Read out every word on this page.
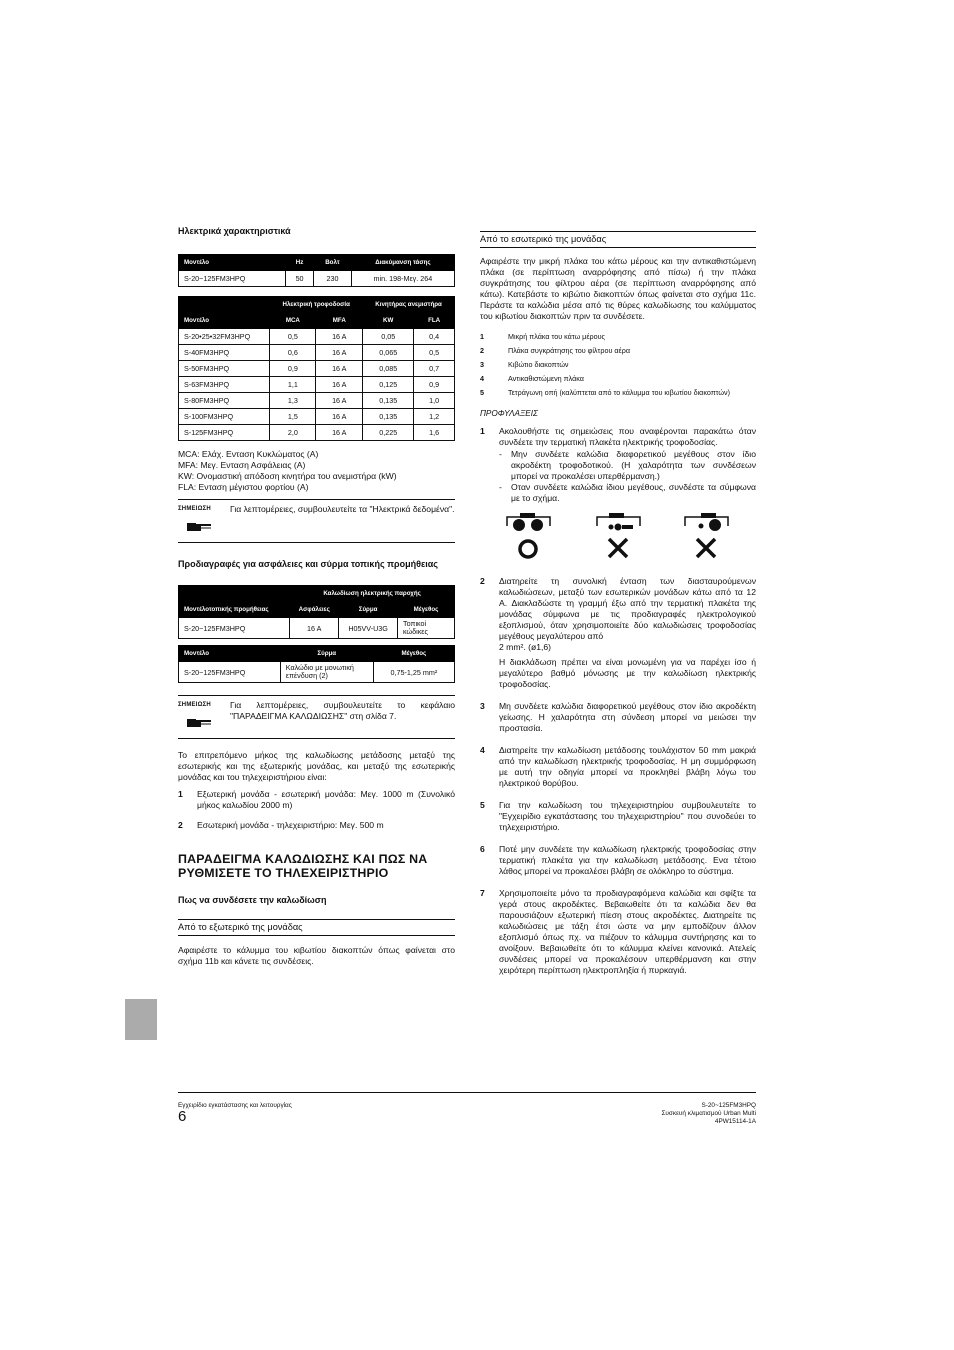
Ηλεκτρικά χαρακτηριστικά
Μοντέλο	Hz	Βολτ	Διακύμανση τάσης
S-20~125FM3HPQ	50	230	min. 198-Μεγ. 264
Μοντέλο	Ηλεκτρική τροφοδοσία		Κινητήρας ανεμιστήρα	
	MCA	MFA	KW	FLA
S-20•25•32FM3HPQ	0,5	16 A	0,05	0,4
S-40FM3HPQ	0,6	16 A	0,065	0,5
S-50FM3HPQ	0,9	16 A	0,085	0,7
S-63FM3HPQ	1,1	16 A	0,125	0,9
S-80FM3HPQ	1,3	16 A	0,135	1,0
S-100FM3HPQ	1,5	16 A	0,135	1,2
S-125FM3HPQ	2,0	16 A	0,225	1,6
MCA: Ελάχ. Ενταση Κυκλώματος (A)
MFA: Μεγ. Ενταση Ασφάλειας (A)
KW: Ονομαστική απόδοση κινητήρα του ανεμιστήρα (kW)
FLA: Ενταση μέγιστου φορτίου (A)
ΣΗΜΕΙΩΣΗ	Για λεπτομέρειες, συμβουλευτείτε τα "Ηλεκτρικά δεδομένα".
Προδιαγραφές για ασφάλειες και σύρμα τοπικής προμήθειας
	Καλωδίωση ηλεκτρικής παροχής		
Μοντέλοτοπικής προμήθειας	Ασφάλειες	Σύρμα	Μέγεθος
S-20~125FM3HPQ	16 A	H05VV-U3G	Τοπικοί κώδικες
Μοντέλο	Σύρμα	Μέγεθος
S-20~125FM3HPQ	Καλώδιο με μονωτική επένδυση (2)	0,75-1,25 mm²
ΣΗΜΕΙΩΣΗ	Για λεπτομέρειες, συμβουλευτείτε το κεφάλαιο "ΠΑΡΑΔΕΙΓΜΑ ΚΑΛΩΔΙΩΣΗΣ" στη σλίδα 7.
Το επιτρεπόμενο μήκος της καλωδίωσης μετάδοσης μεταξύ της εσωτερικής και της εξωτερικής μονάδας, και μεταξύ της εσωτερικής μονάδας και του τηλεχειριστήριου είναι:
1	Εξωτερική μονάδα - εσωτερική μονάδα: Μεγ. 1000 m (Συνολικό μήκος καλωδίου 2000 m)
2	Εσωτερική μονάδα - τηλεχειριστήριο: Μεγ. 500 m
ΠΑΡΑΔΕΙΓΜΑ ΚΑΛΩΔΙΩΣΗΣ ΚΑΙ ΠΩΣ ΝΑ ΡΥΘΜΙΣΕΤΕ ΤΟ ΤΗΛΕΧΕΙΡΙΣΤΗΡΙΟ
Πως να συνδέσετε την καλωδίωση
Από το εξωτερικό της μονάδας
Αφαιρέστε το κάλυμμα του κιβωτίου διακοπτών όπως φαίνεται στο σχήμα 11b και κάνετε τις συνδέσεις.
Από το εσωτερικό της μονάδας
Αφαιρέστε την μικρή πλάκα του κάτω μέρους και την αντικαθιστώμενη πλάκα (σε περίπτωση αναρρόφησης από πίσω) ή την πλάκα συγκράτησης του φίλτρου αέρα (σε περίπτωση αναρρόφησης από κάτω). Κατεβάστε το κιβώτιο διακοπτών όπως φαίνεται στο σχήμα 11c. Περάστε τα καλώδια μέσα από τις θύρες καλωδίωσης του καλύμματος του κιβωτίου διακοπτών πριν τα συνδέσετε.
1	Μικρή πλάκα του κάτω μέρους
2	Πλάκα συγκράτησης του φίλτρου αέρα
3	Κιβώτιο διακοπτών
4	Αντικαθιστώμενη πλάκα
5	Τετράγωνη οπή (καλύπτεται από το κάλυμμα του κιβωτίου διακοπτών)
ΠΡΟΦΥΛΑΞΕΙΣ
1	Ακολουθήστε τις σημειώσεις που αναφέρονται παρακάτω όταν συνδέετε την τερματική πλακέτα ηλεκτρικής τροφοδοσίας.
-	Μην συνδέετε καλώδια διαφορετικού μεγέθους στον ίδιο ακροδέκτη τροφοδοτικού. (Η χαλαρότητα των συνδέσεων μπορεί να προκαλέσει υπερθέρμανση.)
-	Οταν συνδέετε καλώδια ίδιου μεγέθους, συνδέστε τα σύμφωνα με το σχήμα.
2	Διατηρείτε τη συνολική ένταση των διασταυρούμενων καλωδιώσεων, μεταξύ των εσωτερικών μονάδων κάτω από τα 12 A. Διακλαδώστε τη γραμμή έξω από την τερματική πλακέτα της μονάδας σύμφωνα με τις προδιαγραφές ηλεκτρολογικού εξοπλισμού, όταν χρησιμοποιείτε δύο καλωδιώσεις τροφοδοσίας μεγέθους μεγαλύτερου από
2 mm². (ø1,6)
Η διακλάδωση πρέπει να είναι μονωμένη για να παρέχει ίσο ή μεγαλύτερο βαθμό μόνωσης με την καλωδίωση ηλεκτρικής τροφοδοσίας.
3	Μη συνδέετε καλώδια διαφορετικού μεγέθους στον ίδιο ακροδέκτη γείωσης. Η χαλαρότητα στη σύνδεση μπορεί να μειώσει την προστασία.
4	Διατηρείτε την καλωδίωση μετάδοσης τουλάχιστον 50 mm μακριά από την καλωδίωση ηλεκτρικής τροφοδοσίας. Η μη συμμόρφωση με αυτή την οδηγία μπορεί να προκληθεί βλάβη λόγω του ηλεκτρικού θορύβου.
5	Για την καλωδίωση του τηλεχειριστηρίου συμβουλευτείτε το "Εγχειρίδιο εγκατάστασης του τηλεχειριστηρίου" που συνοδεύει το τηλεχειριστήριο.
6	Ποτέ μην συνδέετε την καλωδίωση ηλεκτρικής τροφοδοσίας στην τερματική πλακέτα για την καλωδίωση μετάδοσης. Ενα τέτοιο λάθος μπορεί να προκαλέσει βλάβη σε ολόκληρο το σύστημα.
7	Χρησιμοποιείτε μόνο τα προδιαγραφόμενα καλώδια και σφίξτε τα γερά στους ακροδέκτες. Βεβαιωθείτε ότι τα καλώδια δεν θα παρουσιάζουν εξωτερική πίεση στους ακροδέκτες. Διατηρείτε τις καλωδιώσεις με τάξη έτσι ώστε να μην εμποδίζουν άλλον εξοπλισμό όπως πχ. να πιέζουν το κάλυμμα συντήρησης και το ανοίξουν. Βεβαιωθείτε ότι το κάλυμμα κλείνει κανονικά. Ατελείς συνδέσεις μπορεί να προκαλέσουν υπερθέρμανση και στην χειρότερη περίπτωση ηλεκτροπληξία ή πυρκαγιά.
Εγχειρίδιο εγκατάστασης και λειτουργίας
6
S-20~125FM3HPQ
Συσκευή κλιματισμού Urban Multi
4PW15114-1A
